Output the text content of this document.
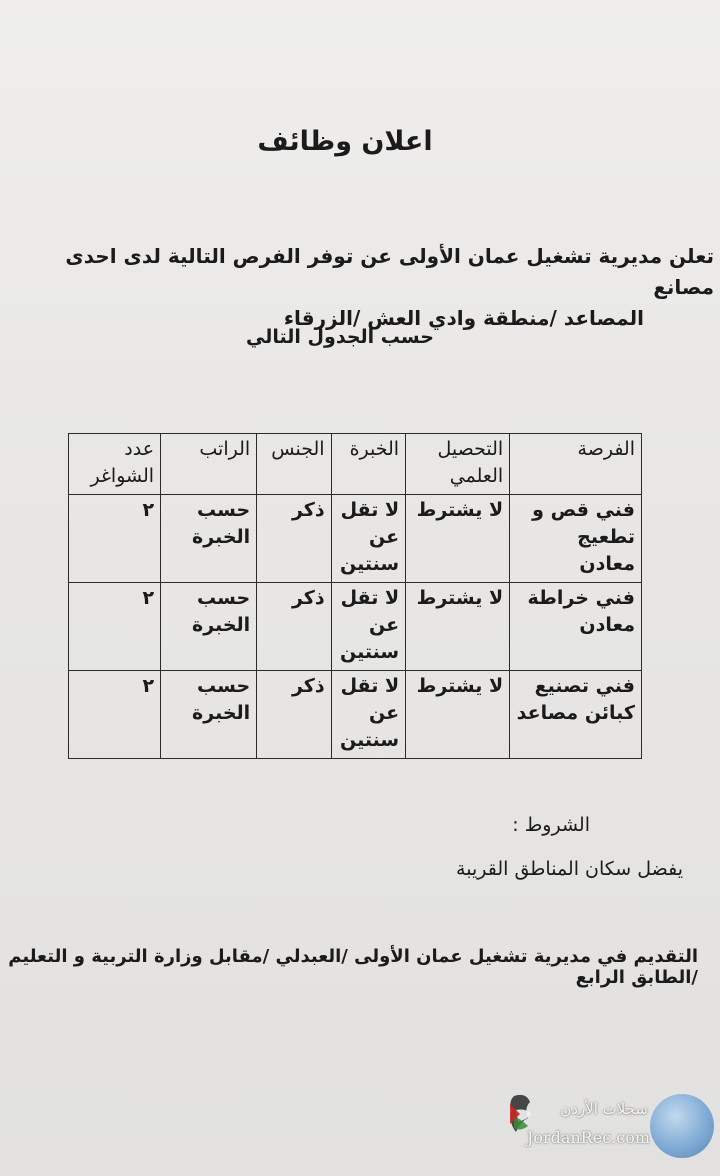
اعلان وظائف
تعلن مديرية تشغيل عمان الأولى عن توفر الفرص التالية لدى احدى مصانع
المصاعد /منطقة وادي العش /الزرقاء
حسب الجدول التالي
الفرصة	التحصيل العلمي	الخبرة	الجنس	الراتب	عدد الشواغر
فني قص و تطعيج معادن	لا يشترط	لا تقل عن سنتين	ذكر	حسب الخبرة	٢
فني خراطة معادن	لا يشترط	لا تقل عن سنتين	ذكر	حسب الخبرة	٢
فني تصنيع كبائن مصاعد	لا يشترط	لا تقل عن سنتين	ذكر	حسب الخبرة	٢
الشروط :
يفضل سكان المناطق القريبة
التقديم في مديرية تشغيل عمان الأولى /العبدلي /مقابل وزارة التربية و التعليم /الطابق الرابع
سجلات الأردن
JordanRec.com
